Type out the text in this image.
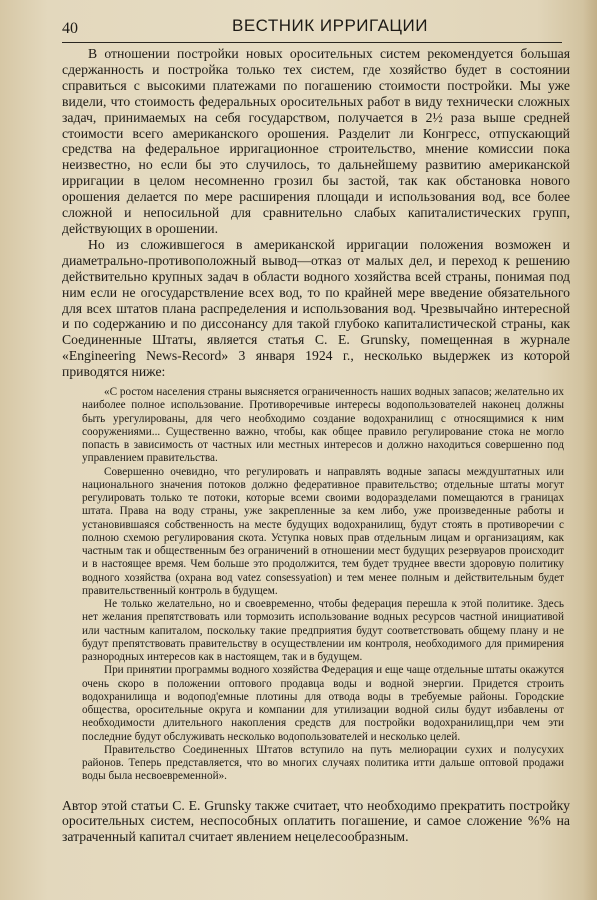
40	ВЕСТНИК ИРРИГАЦИИ

В отношении постройки новых оросительных систем рекомендуется большая сдержанность и постройка только тех систем, где хозяйство будет в состоянии справиться с высокими платежами по погашению стоимости постройки. Мы уже видели, что стоимость федеральных оросительных работ в виду технически сложных задач, принимаемых на себя государством, получается в 2½ раза выше средней стоимости всего американского орошения. Разделит ли Конгресс, отпускающий средства на федеральное ирригационное строительство, мнение комиссии пока неизвестно, но если бы это случилось, то дальнейшему развитию американской ирригации в целом несомненно грозил бы застой, так как обстановка нового орошения делается по мере расширения площади и использования вод, все более сложной и непосильной для сравнительно слабых капиталистических групп, действующих в орошении.

Но из сложившегося в американской ирригации положения возможен и диаметрально-противоположный вывод—отказ от малых дел, и переход к решению действительно крупных задач в области водного хозяйства всей страны, понимая под ним если не огосударствление всех вод, то по крайней мере введение обязательного для всех штатов плана распределения и использования вод. Чрезвычайно интересной и по содержанию и по диссонансу для такой глубоко капиталистической страны, как Соединенные Штаты, является статья С. Е. Grunsky, помещенная в журнале «Engineering News-Record» 3 января 1924 г., несколько выдержек из которой приводятся ниже:

«С ростом населения страны выясняется ограниченность наших водных запасов; желательно их наиболее полное использование. Противоречивые интересы водопользователей наконец должны быть урегулированы, для чего необходимо создание водохранилищ с относящимися к ним сооружениями... Существенно важно, чтобы, как общее правило регулирование стока не могло попасть в зависимость от частных или местных интересов и должно находиться совершенно под управлением правительства.

Совершенно очевидно, что регулировать и направлять водные запасы междуштатных или национального значения потоков должно федеративное правительство; отдельные штаты могут регулировать только те потоки, которые всеми своими водоразделами помещаются в границах штата. Права на воду страны, уже закрепленные за кем либо, уже произведенные работы и установившаяся собственность на месте будущих водохранилищ, будут стоять в противоречии с полною схемою регулирования скота. Уступка новых прав отдельным лицам и организациям, как частным так и общественным без ограничений в отношении мест будущих резервуаров происходит и в настоящее время. Чем больше это продолжится, тем будет труднее ввести здоровую политику водного хозяйства (охрана вод vatez consessyation) и тем менее полным и действительным будет правительственный контроль в будущем.

Не только желательно, но и своевременно, чтобы федерация перешла к этой политике. Здесь нет желания препятствовать или тормозить использование водных ресурсов частной инициативой или частным капиталом, поскольку такие предприятия будут соответствовать общему плану и не будут препятствовать правительству в осуществлении им контроля, необходимого для примирения разнородных интересов как в настоящем, так и в будущем.

При принятии программы водного хозяйства Федерация и еще чаще отдельные штаты окажутся очень скоро в положении оптового продавца воды и водной энергии. Придется строить водохранилища и водопод'емные плотины для отвода воды в требуемые районы. Городские общества, оросительные округа и компании для утилизации водной силы будут избавлены от необходимости длительного накопления средств для постройки водохранилищ,при чем эти последние будут обслуживать несколько водопользователей и несколько целей.

Правительство Соединенных Штатов вступило на путь мелиорации сухих и полусухих районов. Теперь представляется, что во многих случаях политика итти дальше оптовой продажи воды была несвоевременной».

Автор этой статьи С. Е. Grunsky также считает, что необходимо прекратить постройку оросительных систем, неспособных оплатить погашение, и самое сложение %% на затраченный капитал считает явлением нецелесообразным.
